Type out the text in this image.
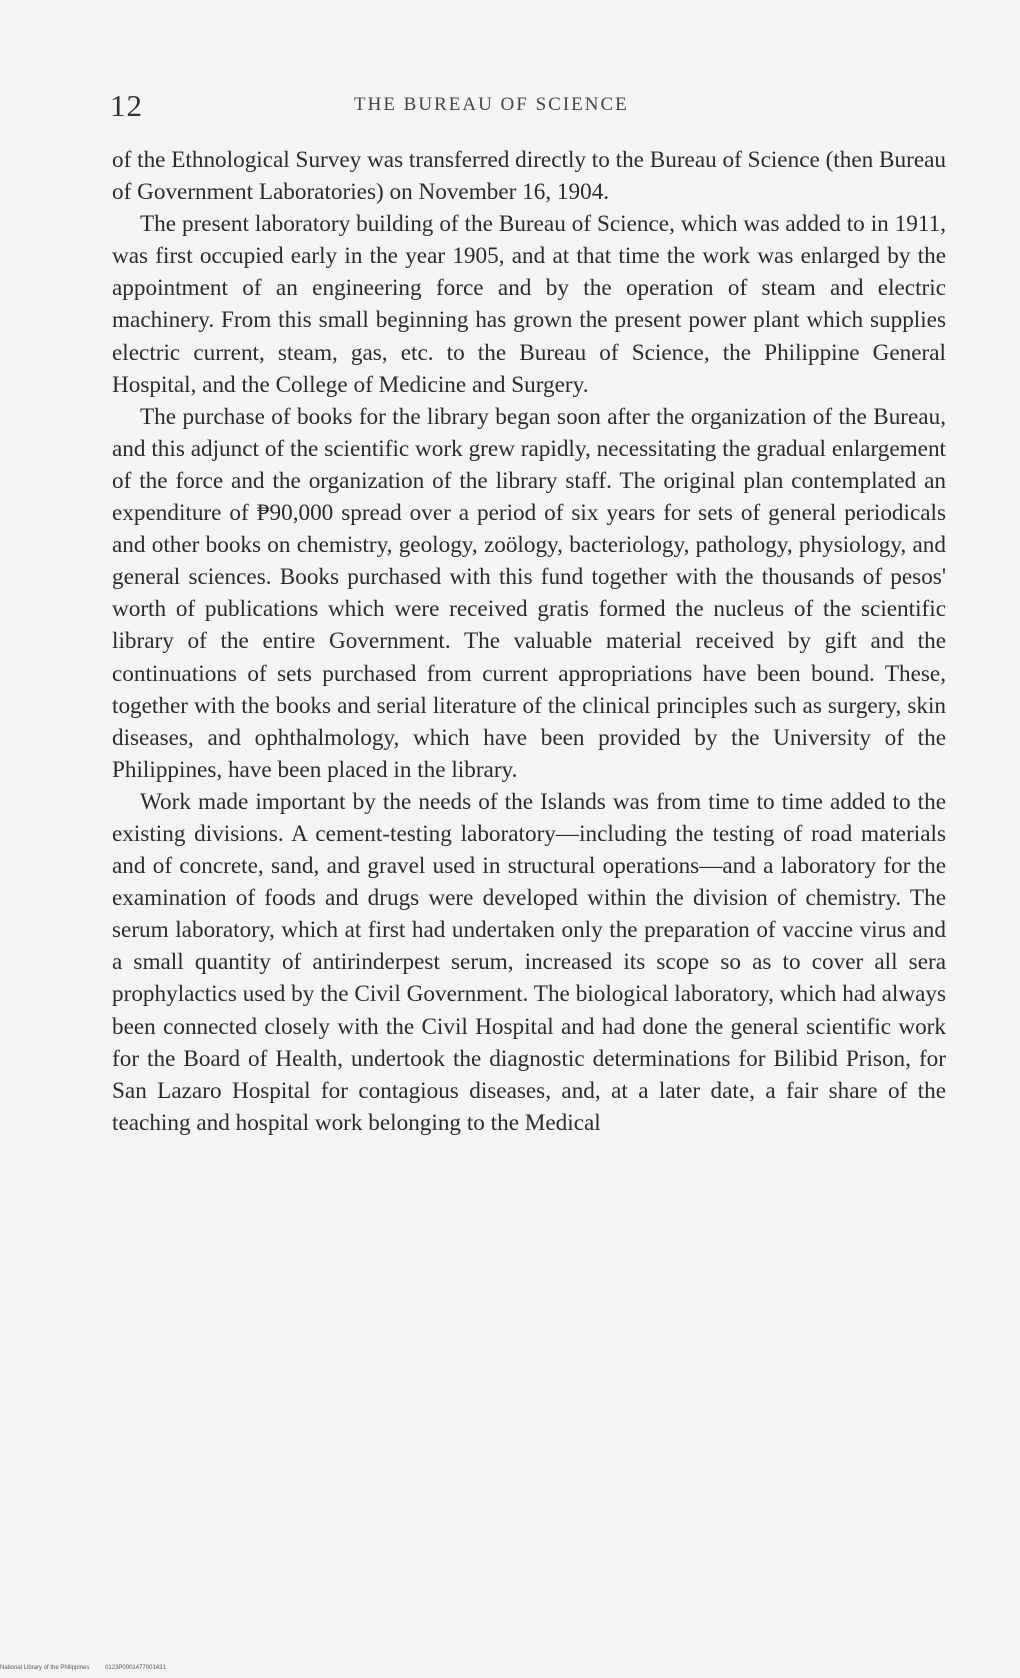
12	THE BUREAU OF SCIENCE

of the Ethnological Survey was transferred directly to the Bureau of Science (then Bureau of Government Laboratories) on November 16, 1904.

The present laboratory building of the Bureau of Science, which was added to in 1911, was first occupied early in the year 1905, and at that time the work was enlarged by the appointment of an engineering force and by the operation of steam and electric machinery. From this small beginning has grown the present power plant which supplies electric current, steam, gas, etc. to the Bureau of Science, the Philippine General Hospital, and the College of Medicine and Surgery.

The purchase of books for the library began soon after the organization of the Bureau, and this adjunct of the scientific work grew rapidly, necessitating the gradual enlargement of the force and the organization of the library staff. The original plan contemplated an expenditure of ₱90,000 spread over a period of six years for sets of general periodicals and other books on chemistry, geology, zoölogy, bacteriology, pathology, physiology, and general sciences. Books purchased with this fund together with the thousands of pesos' worth of publications which were received gratis formed the nucleus of the scientific library of the entire Government. The valuable material received by gift and the continuations of sets purchased from current appropriations have been bound. These, together with the books and serial literature of the clinical principles such as surgery, skin diseases, and ophthalmology, which have been provided by the University of the Philippines, have been placed in the library.

Work made important by the needs of the Islands was from time to time added to the existing divisions. A cement-testing laboratory—including the testing of road materials and of concrete, sand, and gravel used in structural operations—and a laboratory for the examination of foods and drugs were developed within the division of chemistry. The serum laboratory, which at first had undertaken only the preparation of vaccine virus and a small quantity of antirinderpest serum, increased its scope so as to cover all sera prophylactics used by the Civil Government. The biological laboratory, which had always been connected closely with the Civil Hospital and had done the general scientific work for the Board of Health, undertook the diagnostic determinations for Bilibid Prison, for San Lazaro Hospital for contagious diseases, and, at a later date, a fair share of the teaching and hospital work belonging to the Medical

National Library of the Philippines	0123P0001477001431
